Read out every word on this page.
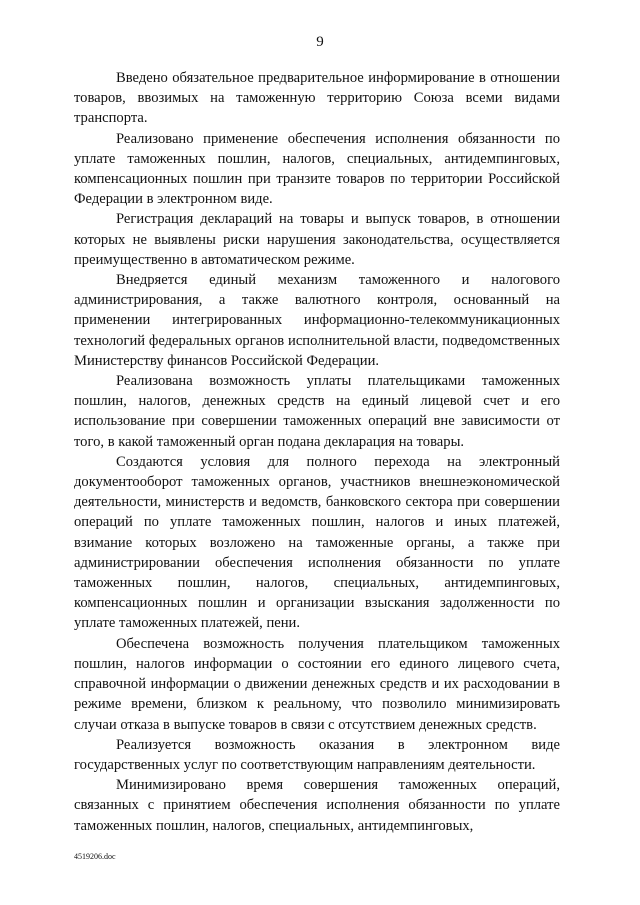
9

Введено обязательное предварительное информирование в отношении товаров, ввозимых на таможенную территорию Союза всеми видами транспорта.

Реализовано применение обеспечения исполнения обязанности по уплате таможенных пошлин, налогов, специальных, антидемпинговых, компенсационных пошлин при транзите товаров по территории Российской Федерации в электронном виде.

Регистрация деклараций на товары и выпуск товаров, в отношении которых не выявлены риски нарушения законодательства, осуществляется преимущественно в автоматическом режиме.

Внедряется единый механизм таможенного и налогового администрирования, а также валютного контроля, основанный на применении интегрированных информационно-телекоммуникационных технологий федеральных органов исполнительной власти, подведомственных Министерству финансов Российской Федерации.

Реализована возможность уплаты плательщиками таможенных пошлин, налогов, денежных средств на единый лицевой счет и его использование при совершении таможенных операций вне зависимости от того, в какой таможенный орган подана декларация на товары.

Создаются условия для полного перехода на электронный документооборот таможенных органов, участников внешнеэкономической деятельности, министерств и ведомств, банковского сектора при совершении операций по уплате таможенных пошлин, налогов и иных платежей, взимание которых возложено на таможенные органы, а также при администрировании обеспечения исполнения обязанности по уплате таможенных пошлин, налогов, специальных, антидемпинговых, компенсационных пошлин и организации взыскания задолженности по уплате таможенных платежей, пени.

Обеспечена возможность получения плательщиком таможенных пошлин, налогов информации о состоянии его единого лицевого счета, справочной информации о движении денежных средств и их расходовании в режиме времени, близком к реальному, что позволило минимизировать случаи отказа в выпуске товаров в связи с отсутствием денежных средств.

Реализуется возможность оказания в электронном виде государственных услуг по соответствующим направлениям деятельности.

Минимизировано время совершения таможенных операций, связанных с принятием обеспечения исполнения обязанности по уплате таможенных пошлин, налогов, специальных, антидемпинговых,

4519206.doc
